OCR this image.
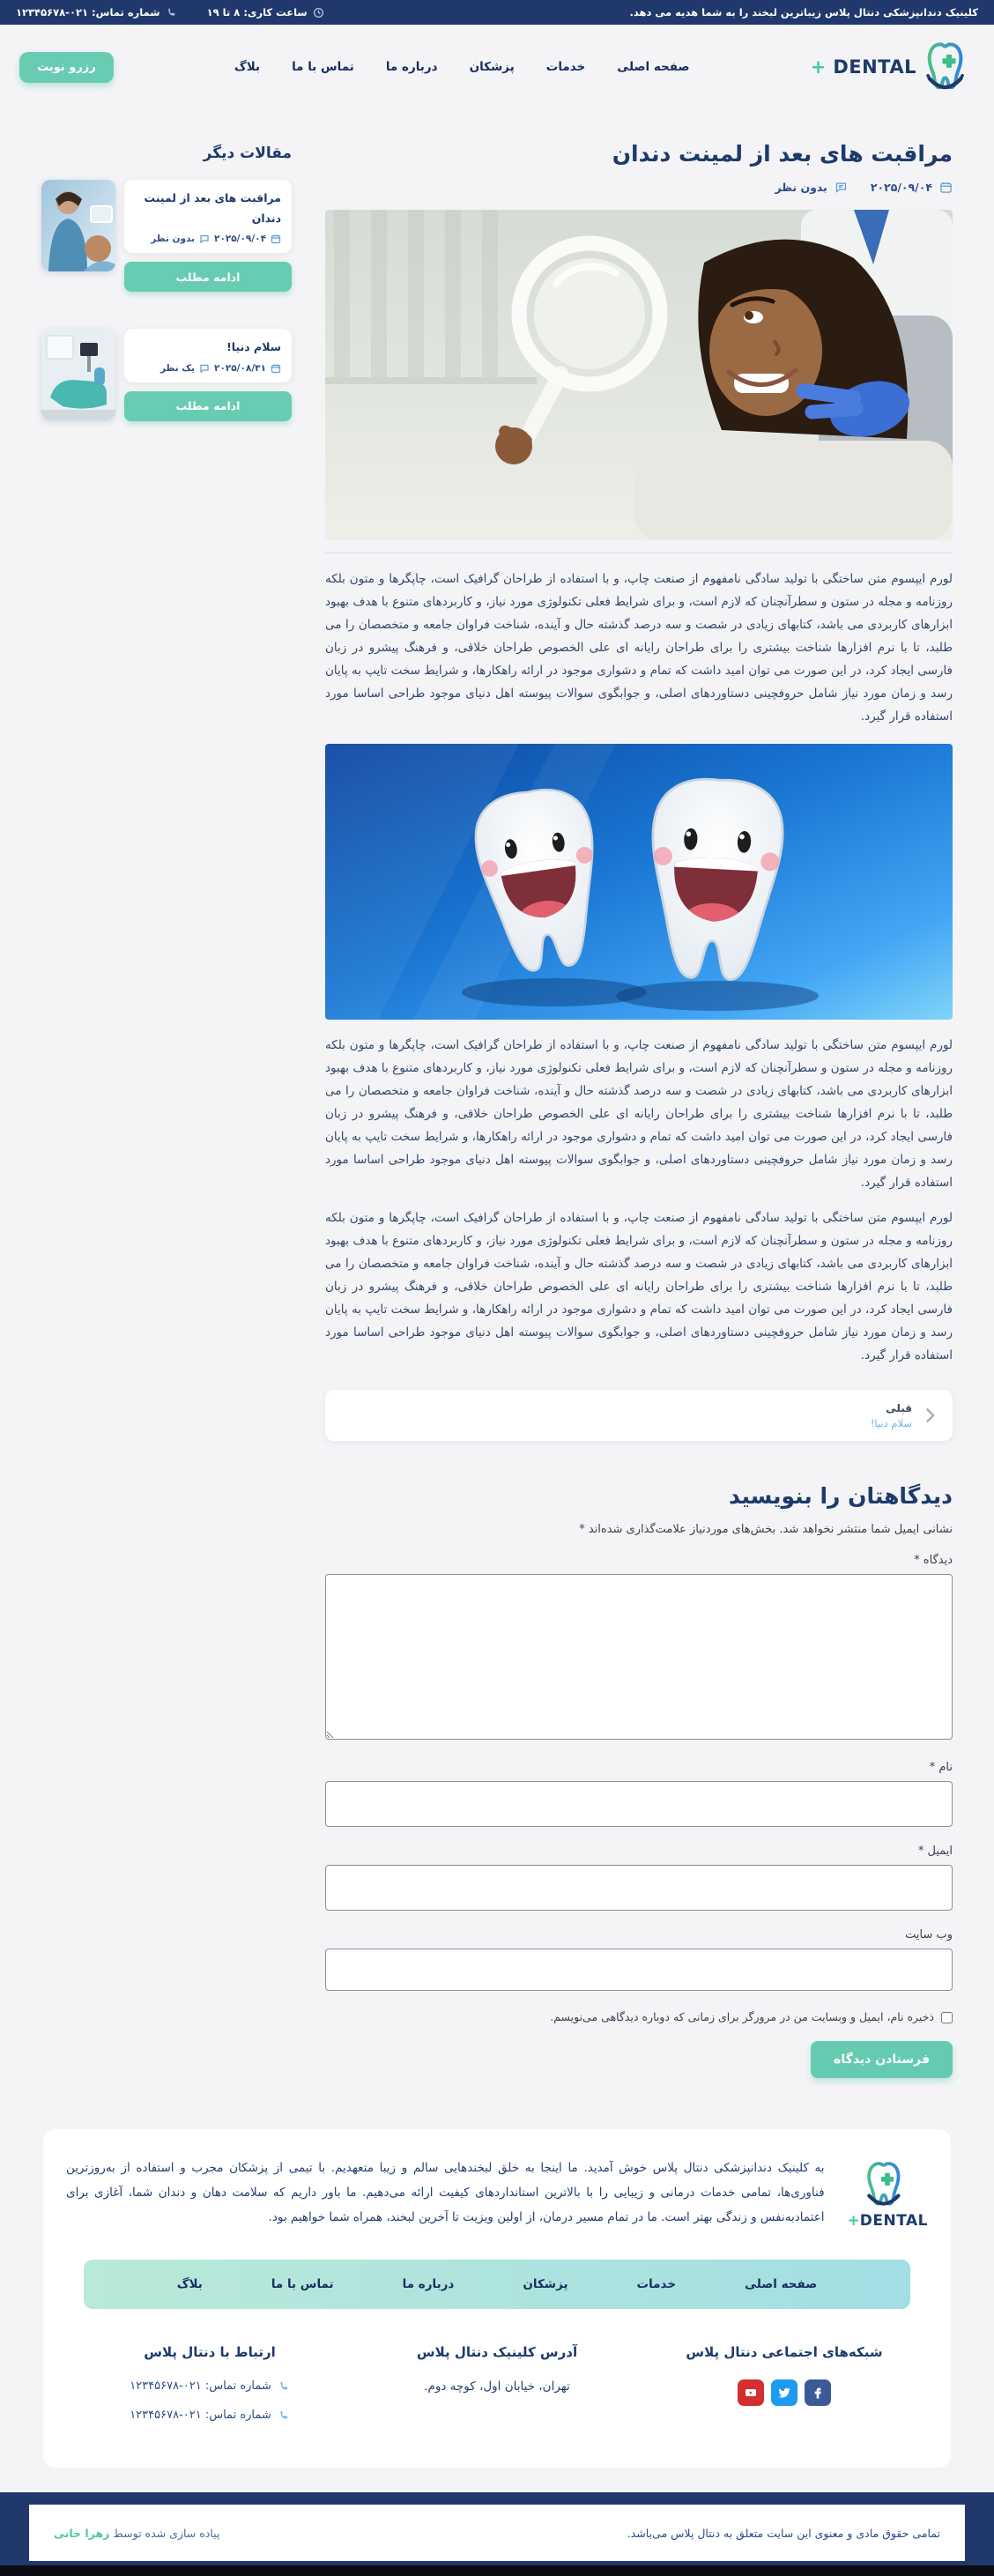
کلینیک دندانپزشکی دنتال پلاس زیباترین لبخند را به شما هدیه می دهد.
ساعت کاری: ۸ تا ۱۹
شماره تماس: ۰۲۱-۱۲۳۴۵۶۷۸
DENTAL
+
صفحه اصلی
خدمات
پزشکان
درباره ما
تماس با ما
بلاگ
رزرو نوبت
مراقبت های بعد از لمینت دندان
۲۰۲۵/۰۹/۰۴
بدون نظر

لورم ایپسوم متن ساختگی با تولید سادگی نامفهوم از صنعت چاپ، و با استفاده از طراحان گرافیک است، چاپگرها و متون بلکه روزنامه و مجله در ستون و سطرآنچنان که لازم است، و برای شرایط فعلی تکنولوژی مورد نیاز، و کاربردهای متنوع با هدف بهبود ابزارهای کاربردی می باشد، کتابهای زیادی در شصت و سه درصد گذشته حال و آینده، شناخت فراوان جامعه و متخصصان را می طلبد، تا با نرم افزارها شناخت بیشتری را برای طراحان رایانه ای علی الخصوص طراحان خلاقی، و فرهنگ پیشرو در زبان فارسی ایجاد کرد، در این صورت می توان امید داشت که تمام و دشواری موجود در ارائه راهکارها، و شرایط سخت تایپ به پایان رسد و زمان مورد نیاز شامل حروفچینی دستاوردهای اصلی، و جوابگوی سوالات پیوسته اهل دنیای موجود طراحی اساسا مورد استفاده قرار گیرد.

لورم ایپسوم متن ساختگی با تولید سادگی نامفهوم از صنعت چاپ، و با استفاده از طراحان گرافیک است، چاپگرها و متون بلکه روزنامه و مجله در ستون و سطرآنچنان که لازم است، و برای شرایط فعلی تکنولوژی مورد نیاز، و کاربردهای متنوع با هدف بهبود ابزارهای کاربردی می باشد، کتابهای زیادی در شصت و سه درصد گذشته حال و آینده، شناخت فراوان جامعه و متخصصان را می طلبد، تا با نرم افزارها شناخت بیشتری را برای طراحان رایانه ای علی الخصوص طراحان خلاقی، و فرهنگ پیشرو در زبان فارسی ایجاد کرد، در این صورت می توان امید داشت که تمام و دشواری موجود در ارائه راهکارها، و شرایط سخت تایپ به پایان رسد و زمان مورد نیاز شامل حروفچینی دستاوردهای اصلی، و جوابگوی سوالات پیوسته اهل دنیای موجود طراحی اساسا مورد استفاده قرار گیرد.

لورم ایپسوم متن ساختگی با تولید سادگی نامفهوم از صنعت چاپ، و با استفاده از طراحان گرافیک است، چاپگرها و متون بلکه روزنامه و مجله در ستون و سطرآنچنان که لازم است، و برای شرایط فعلی تکنولوژی مورد نیاز، و کاربردهای متنوع با هدف بهبود ابزارهای کاربردی می باشد، کتابهای زیادی در شصت و سه درصد گذشته حال و آینده، شناخت فراوان جامعه و متخصصان را می طلبد، تا با نرم افزارها شناخت بیشتری را برای طراحان رایانه ای علی الخصوص طراحان خلاقی، و فرهنگ پیشرو در زبان فارسی ایجاد کرد، در این صورت می توان امید داشت که تمام و دشواری موجود در ارائه راهکارها، و شرایط سخت تایپ به پایان رسد و زمان مورد نیاز شامل حروفچینی دستاوردهای اصلی، و جوابگوی سوالات پیوسته اهل دنیای موجود طراحی اساسا مورد استفاده قرار گیرد.

قبلی
سلام دنیا!
دیدگاهتان را بنویسید

نشانی ایمیل شما منتشر نخواهد شد. بخش‌های موردنیاز علامت‌گذاری شده‌اند *

دیدگاه *
نام *
ایمیل *
وب سایت
ذخیره نام، ایمیل و وبسایت من در مرورگر برای زمانی که دوباره دیدگاهی می‌نویسم.
فرستادن دیدگاه
مقالات دیگر
مراقبت های بعد از لمینت دندان
۲۰۲۵/۰۹/۰۴
بدون نظر
ادامه مطلب
سلام دنیا!
۲۰۲۵/۰۸/۳۱
یک نظر
ادامه مطلب
DENTAL+

به کلینیک دندانپزشکی دنتال پلاس خوش آمدید. ما اینجا به خلق لبخندهایی سالم و زیبا متعهدیم. با تیمی از پزشکان مجرب و استفاده از به‌روزترین فناوری‌ها، تمامی خدمات درمانی و زیبایی را با بالاترین استانداردهای کیفیت ارائه می‌دهیم. ما باور داریم که سلامت دهان و دندان شما، آغازی برای اعتمادبه‌نفس و زندگی بهتر است. ما در تمام مسیر درمان، از اولین ویزیت تا آخرین لبخند، همراه شما خواهیم بود.

صفحه اصلی
خدمات
پزشکان
درباره ما
تماس با ما
بلاگ
شبکه‌های اجتماعی دنتال پلاس
آدرس کلینیک دنتال پلاس
تهران، خیابان اول، کوچه دوم.
ارتباط با دنتال پلاس
شماره تماس: ۰۲۱-۱۲۳۴۵۶۷۸
شماره تماس: ۰۲۱-۱۲۳۴۵۶۷۸
تمامی حقوق مادی و معنوی این سایت متعلق به دنتال پلاس می‌باشد.
پیاده سازی شده توسط زهرا خانی
